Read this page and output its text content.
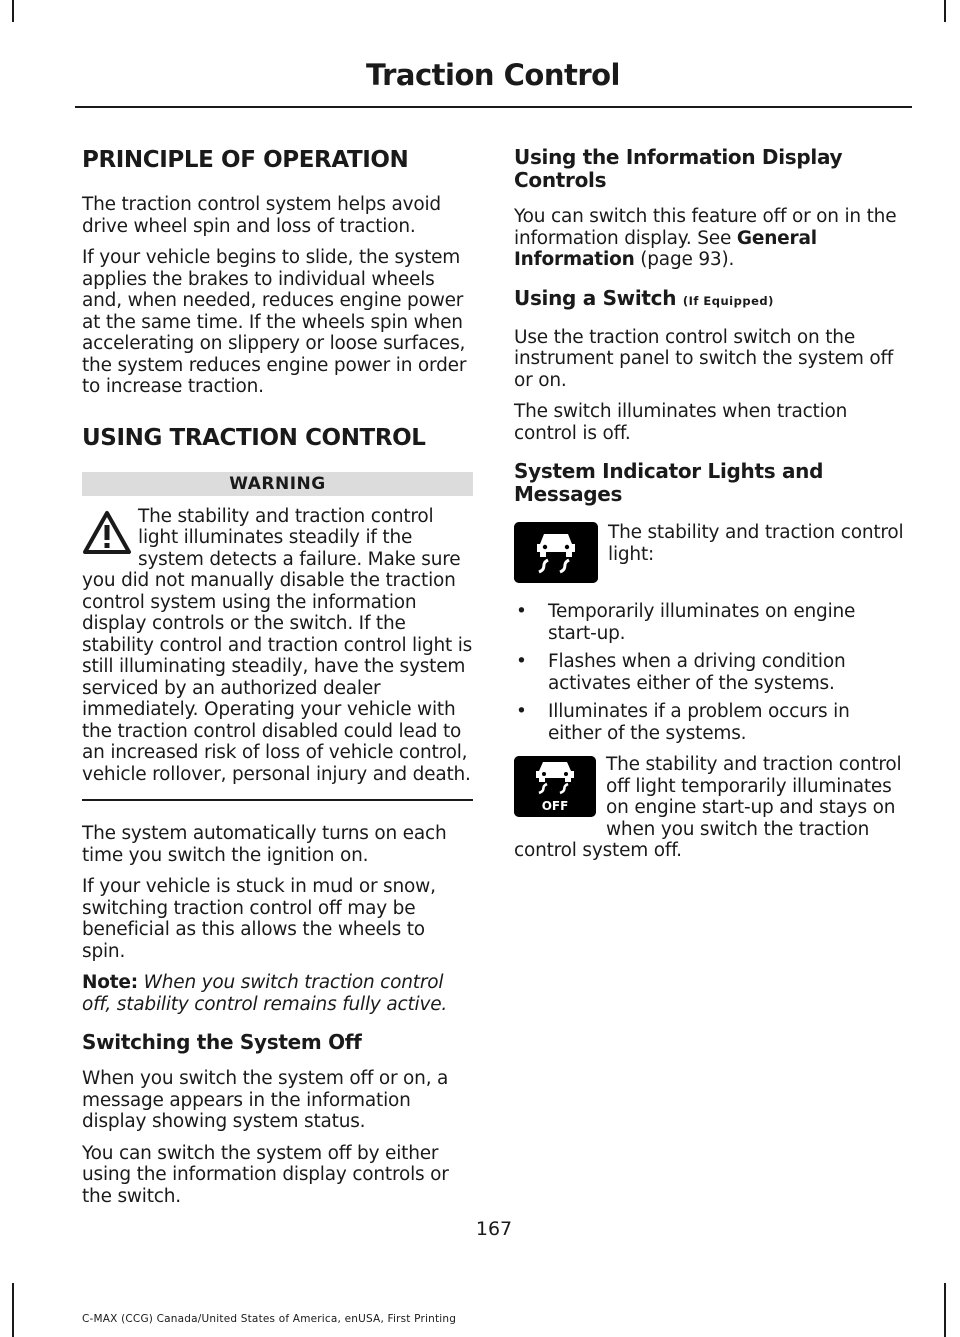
Traction Control
PRINCIPLE OF OPERATION

The traction control system helps avoid drive wheel spin and loss of traction.

If your vehicle begins to slide, the system applies the brakes to individual wheels and, when needed, reduces engine power at the same time. If the wheels spin when accelerating on slippery or loose surfaces, the system reduces engine power in order to increase traction.

USING TRACTION CONTROL
WARNING
The stability and traction control light illuminates steadily if the system detects a failure. Make sure you did not manually disable the traction control system using the information display controls or the switch. If the stability control and traction control light is still illuminating steadily, have the system serviced by an authorized dealer immediately. Operating your vehicle with the traction control disabled could lead to an increased risk of loss of vehicle control, vehicle rollover, personal injury and death.

The system automatically turns on each time you switch the ignition on.

If your vehicle is stuck in mud or snow, switching traction control off may be beneficial as this allows the wheels to spin.

Note: When you switch traction control off, stability control remains fully active.

Switching the System Off

When you switch the system off or on, a message appears in the information display showing system status.

You can switch the system off by either using the information display controls or the switch.

Using the Information Display Controls

You can switch this feature off or on in the information display. See General Information (page 93).

Using a Switch (If Equipped)

Use the traction control switch on the instrument panel to switch the system off or on.

The switch illuminates when traction control is off.

System Indicator Lights and Messages

The stability and traction control light:

• Temporarily illuminates on engine start-up.
• Flashes when a driving condition activates either of the systems.
• Illuminates if a problem occurs in either of the systems.
OFF

The stability and traction control off light temporarily illuminates on engine start-up and stays on when you switch the traction control system off.

167
C-MAX (CCG) Canada/United States of America, enUSA, First Printing
